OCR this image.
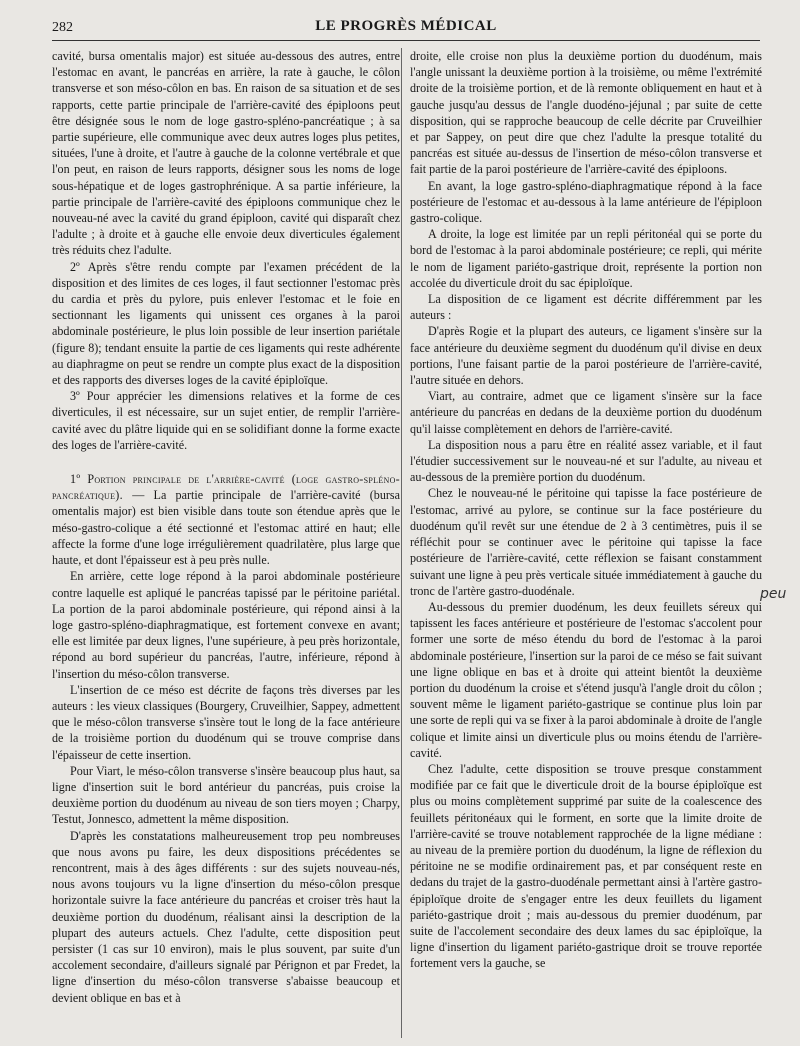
282	LE PROGRÈS MÉDICAL

cavité, bursa omentalis major) est située au-dessous des autres, entre l'estomac en avant, le pancréas en arrière, la rate à gauche, le côlon transverse et son méso-côlon en bas. En raison de sa situation et de ses rapports, cette partie principale de l'arrière-cavité des épiploons peut être désignée sous le nom de loge gastro-spléno-pancréatique ; à sa partie supérieure, elle communique avec deux autres loges plus petites, situées, l'une à droite, et l'autre à gauche de la colonne vertébrale et que l'on peut, en raison de leurs rapports, désigner sous les noms de loge sous-hépatique et de loges gastrophrénique. A sa partie inférieure, la partie principale de l'arrière-cavité des épiploons communique chez le nouveau-né avec la cavité du grand épiploon, cavité qui disparaît chez l'adulte ; à droite et à gauche elle envoie deux diverticules également très réduits chez l'adulte.

2º Après s'être rendu compte par l'examen précédent de la disposition et des limites de ces loges, il faut sectionner l'estomac près du cardia et près du pylore, puis enlever l'estomac et le foie en sectionnant les ligaments qui unissent ces organes à la paroi abdominale postérieure, le plus loin possible de leur insertion pariétale (figure 8); tendant ensuite la partie de ces ligaments qui reste adhérente au diaphragme on peut se rendre un compte plus exact de la disposition et des rapports des diverses loges de la cavité épiploïque.

3º Pour apprécier les dimensions relatives et la forme de ces diverticules, il est nécessaire, sur un sujet entier, de remplir l'arrière-cavité avec du plâtre liquide qui en se solidifiant donne la forme exacte des loges de l'arrière-cavité.

1º Portion principale de l'arrière-cavité (loge gastro-spléno-pancréatique). — La partie principale de l'arrière-cavité (bursa omentalis major) est bien visible dans toute son étendue après que le méso-gastro-colique a été sectionné et l'estomac attiré en haut; elle affecte la forme d'une loge irrégulièrement quadrilatère, plus large que haute, et dont l'épaisseur est à peu près nulle.

En arrière, cette loge répond à la paroi abdominale postérieure contre laquelle est apliqué le pancréas tapissé par le péritoine pariétal. La portion de la paroi abdominale postérieure, qui répond ainsi à la loge gastro-spléno-diaphragmatique, est fortement convexe en avant; elle est limitée par deux lignes, l'une supérieure, à peu près horizontale, répond au bord supérieur du pancréas, l'autre, inférieure, répond à l'insertion du méso-côlon transverse.

L'insertion de ce méso est décrite de façons très diverses par les auteurs : les vieux classiques (Bourgery, Cruveilhier, Sappey, admettent que le méso-côlon transverse s'insère tout le long de la face antérieure de la troisième portion du duodénum qui se trouve comprise dans l'épaisseur de cette insertion.

Pour Viart, le méso-côlon transverse s'insère beaucoup plus haut, sa ligne d'insertion suit le bord antérieur du pancréas, puis croise la deuxième portion du duodénum au niveau de son tiers moyen ; Charpy, Testut, Jonnesco, admettent la même disposition.

D'après les constatations malheureusement trop peu nombreuses que nous avons pu faire, les deux dispositions précédentes se rencontrent, mais à des âges différents : sur des sujets nouveau-nés, nous avons toujours vu la ligne d'insertion du méso-côlon presque horizontale suivre la face antérieure du pancréas et croiser très haut la deuxième portion du duodénum, réalisant ainsi la description de la plupart des auteurs actuels. Chez l'adulte, cette disposition peut persister (1 cas sur 10 environ), mais le plus souvent, par suite d'un accolement secondaire, d'ailleurs signalé par Pérignon et par Fredet, la ligne d'insertion du méso-côlon transverse s'abaisse beaucoup et devient oblique en bas et à

droite, elle croise non plus la deuxième portion du duodénum, mais l'angle unissant la deuxième portion à la troisième, ou même l'extrémité droite de la troisième portion, et de là remonte obliquement en haut et à gauche jusqu'au dessus de l'angle duodéno-jéjunal ; par suite de cette disposition, qui se rapproche beaucoup de celle décrite par Cruveilhier et par Sappey, on peut dire que chez l'adulte la presque totalité du pancréas est située au-dessus de l'insertion de méso-côlon transverse et fait partie de la paroi postérieure de l'arrière-cavité des épiploons.

En avant, la loge gastro-spléno-diaphragmatique répond à la face postérieure de l'estomac et au-dessous à la lame antérieure de l'épiploon gastro-colique.

A droite, la loge est limitée par un repli péritonéal qui se porte du bord de l'estomac à la paroi abdominale postérieure; ce repli, qui mérite le nom de ligament pariéto-gastrique droit, représente la portion non accolée du diverticule droit du sac épiploïque.

La disposition de ce ligament est décrite différemment par les auteurs :

D'après Rogie et la plupart des auteurs, ce ligament s'insère sur la face antérieure du deuxième segment du duodénum qu'il divise en deux portions, l'une faisant partie de la paroi postérieure de l'arrière-cavité, l'autre située en dehors.

Viart, au contraire, admet que ce ligament s'insère sur la face antérieure du pancréas en dedans de la deuxième portion du duodénum qu'il laisse complètement en dehors de l'arrière-cavité.

La disposition nous a paru être en réalité assez variable, et il faut l'étudier successivement sur le nouveau-né et sur l'adulte, au niveau et au-dessous de la première portion du duodénum.

Chez le nouveau-né le péritoine qui tapisse la face postérieure de l'estomac, arrivé au pylore, se continue sur la face postérieure du duodénum qu'il revêt sur une étendue de 2 à 3 centimètres, puis il se réfléchit pour se continuer avec le péritoine qui tapisse la face postérieure de l'arrière-cavité, cette réflexion se faisant constamment suivant une ligne à peu près verticale située immédiatement à gauche du tronc de l'artère gastro-duodénale.

Au-dessous du premier duodénum, les deux feuillets séreux qui tapissent les faces antérieure et postérieure de l'estomac s'accolent pour former une sorte de méso étendu du bord de l'estomac à la paroi abdominale postérieure, l'insertion sur la paroi de ce méso se fait suivant une ligne oblique en bas et à droite qui atteint bientôt la deuxième portion du duodénum la croise et s'étend jusqu'à l'angle droit du côlon ; souvent même le ligament pariéto-gastrique se continue plus loin par une sorte de repli qui va se fixer à la paroi abdominale à droite de l'angle colique et limite ainsi un diverticule plus ou moins étendu de l'arrière-cavité.

Chez l'adulte, cette disposition se trouve presque constamment modifiée par ce fait que le diverticule droit de la bourse épiploïque est plus ou moins complètement supprimé par suite de la coalescence des feuillets péritonéaux qui le forment, en sorte que la limite droite de l'arrière-cavité se trouve notablement rapprochée de la ligne médiane : au niveau de la première portion du duodénum, la ligne de réflexion du péritoine ne se modifie ordinairement pas, et par conséquent reste en dedans du trajet de la gastro-duodénale permettant ainsi à l'artère gastro-épiploïque droite de s'engager entre les deux feuillets du ligament pariéto-gastrique droit ; mais au-dessous du premier duodénum, par suite de l'accolement secondaire des deux lames du sac épiploïque, la ligne d'insertion du ligament pariéto-gastrique droit se trouve reportée fortement vers la gauche, se

peu
